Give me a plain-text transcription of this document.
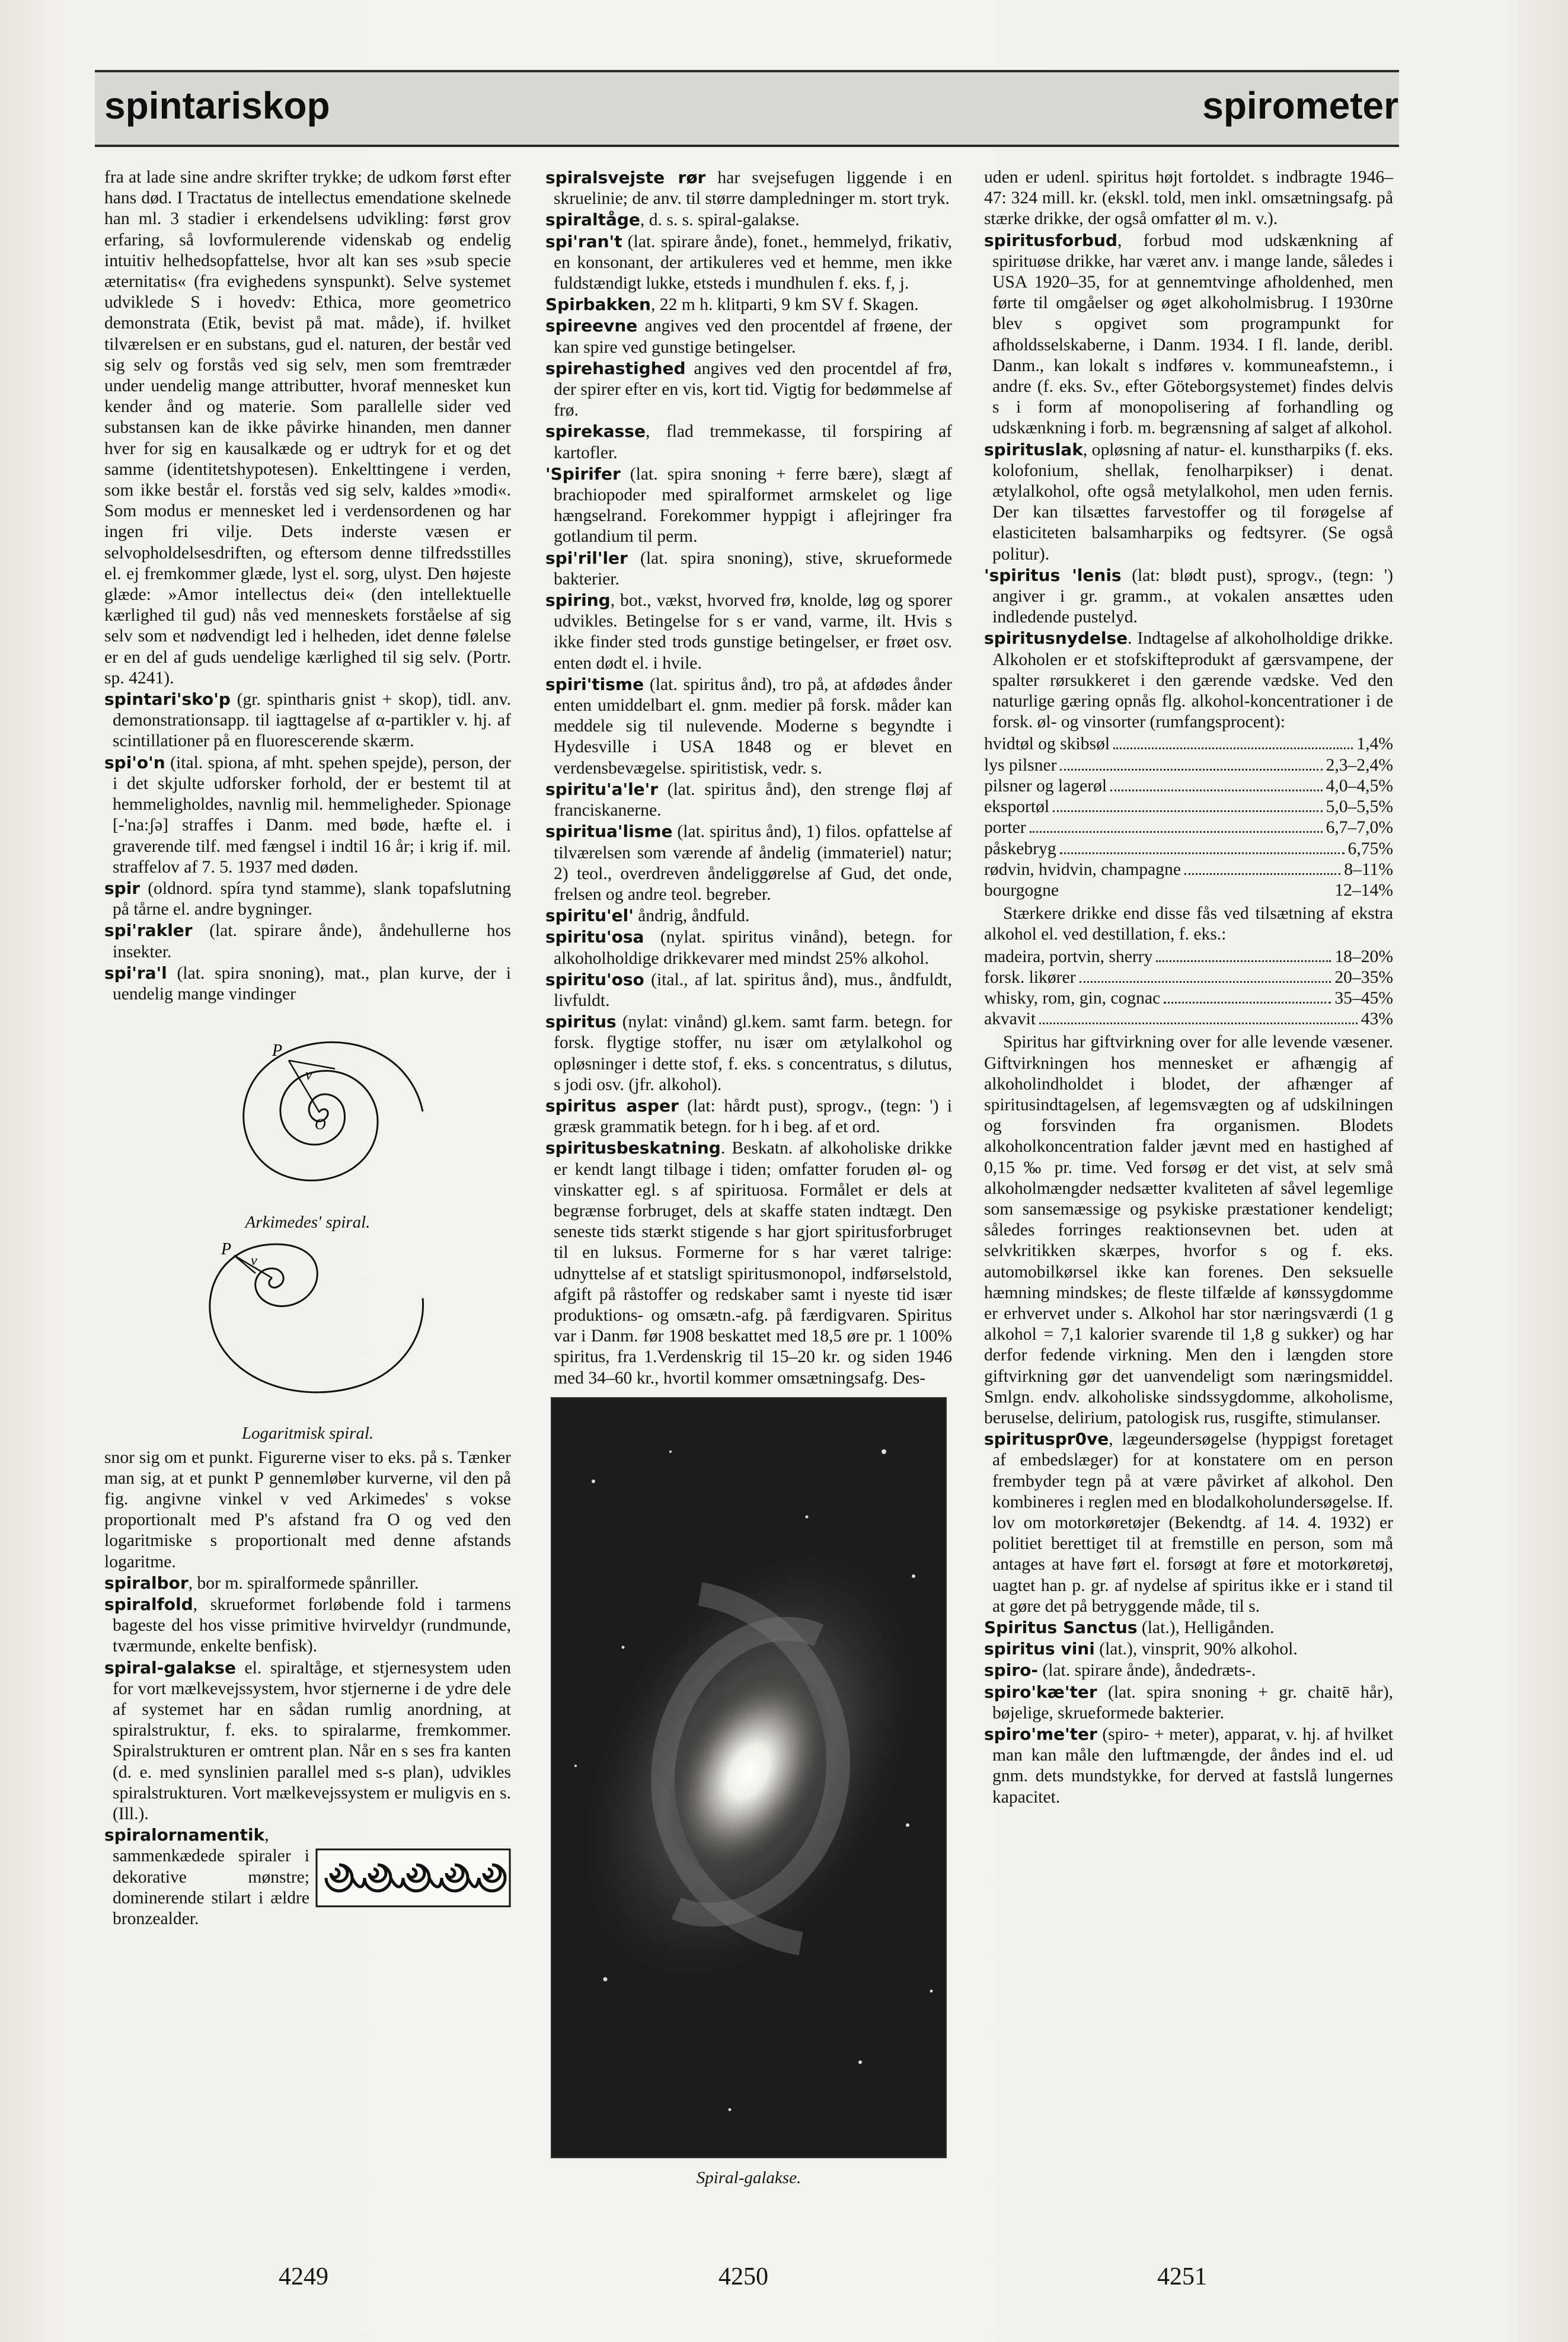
spintariskop	spirometer

fra at lade sine andre skrifter trykke; de udkom først efter hans død. I Tractatus de intellectus emendatione skelnede han ml. 3 stadier i erkendelsens udvikling: først grov erfaring, så lovformulerende videnskab og endelig intuitiv helhedsopfattelse, hvor alt kan ses »sub specie æternitatis« (fra evighedens synspunkt). Selve systemet udviklede S i hovedv: Ethica, more geometrico demonstrata (Etik, bevist på mat. måde), if. hvilket tilværelsen er en substans, gud el. naturen, der består ved sig selv og forstås ved sig selv, men som fremtræder under uendelig mange attributter, hvoraf mennesket kun kender ånd og materie. Som parallelle sider ved substansen kan de ikke påvirke hinanden, men danner hver for sig en kausalkæde og er udtryk for et og det samme (identitetshypotesen). Enkelttingene i verden, som ikke består el. forstås ved sig selv, kaldes »modi«. Som modus er mennesket led i verdensordenen og har ingen fri vilje. Dets inderste væsen er selvopholdelsesdriften, og eftersom denne tilfredsstilles el. ej fremkommer glæde, lyst el. sorg, ulyst. Den højeste glæde: »Amor intellectus dei« (den intellektuelle kærlighed til gud) nås ved menneskets forståelse af sig selv som et nødvendigt led i helheden, idet denne følelse er en del af guds uendelige kærlighed til sig selv. (Portr. sp. 4241).

spintari'sko'p (gr. spintharis gnist + skop), tidl. anv. demonstrationsapp. til iagttagelse af α-partikler v. hj. af scintillationer på en fluorescerende skærm.

spi'o'n (ital. spiona, af mht. spehen spejde), person, der i det skjulte udforsker forhold, der er bestemt til at hemmeligholdes, navnlig mil. hemmeligheder. Spionage [-'na:ʃə] straffes i Danm. med bøde, hæfte el. i graverende tilf. med fængsel i indtil 16 år; i krig if. mil. straffelov af 7. 5. 1937 med døden.

spir (oldnord. spíra tynd stamme), slank topafslutning på tårne el. andre bygninger.

spi'rakler (lat. spirare ånde), åndehullerne hos insekter.

spi'ra'l (lat. spira snoning), mat., plan kurve, der i uendelig mange vindinger

P
v
O
Arkimedes' spiral.
P
v
Logaritmisk spiral.

snor sig om et punkt. Figurerne viser to eks. på s. Tænker man sig, at et punkt P gennemløber kurverne, vil den på fig. angivne vinkel v ved Arkimedes' s vokse proportionalt med P's afstand fra O og ved den logaritmiske s proportionalt med denne afstands logaritme.

spiralbor, bor m. spiralformede spånriller.

spiralfold, skrueformet forløbende fold i tarmens bageste del hos visse primitive hvirveldyr (rundmunde, tværmunde, enkelte benfisk).

spiral-galakse el. spiraltåge, et stjernesystem uden for vort mælkevejssystem, hvor stjernerne i de ydre dele af systemet har en sådan rumlig anordning, at spiralstruktur, f. eks. to spiralarme, fremkommer. Spiralstrukturen er omtrent plan. Når en s ses fra kanten (d. e. med synslinien parallel med s-s plan), udvikles spiralstrukturen. Vort mælkevejssystem er muligvis en s. (Ill.).

spiralornamentik, sammenkædede spiraler i dekorative mønstre; dominerende stilart i ældre bronzealder.

spiralsvejste rør har svejsefugen liggende i en skruelinie; de anv. til større dampledninger m. stort tryk.

spiraltåge, d. s. s. spiral-galakse.

spi'ran't (lat. spirare ånde), fonet., hemmelyd, frikativ, en konsonant, der artikuleres ved et hemme, men ikke fuldstændigt lukke, etsteds i mundhulen f. eks. f, j.

Spirbakken, 22 m h. klitparti, 9 km SV f. Skagen.

spireevne angives ved den procentdel af frøene, der kan spire ved gunstige betingelser.

spirehastighed angives ved den procentdel af frø, der spirer efter en vis, kort tid. Vigtig for bedømmelse af frø.

spirekasse, flad tremmekasse, til forspiring af kartofler.

'Spirifer (lat. spira snoning + ferre bære), slægt af brachiopoder med spiralformet armskelet og lige hængselrand. Forekommer hyppigt i aflejringer fra gotlandium til perm.

spi'ril'ler (lat. spira snoning), stive, skrueformede bakterier.

spiring, bot., vækst, hvorved frø, knolde, løg og sporer udvikles. Betingelse for s er vand, varme, ilt. Hvis s ikke finder sted trods gunstige betingelser, er frøet osv. enten dødt el. i hvile.

spiri'tisme (lat. spiritus ånd), tro på, at afdødes ånder enten umiddelbart el. gnm. medier på forsk. måder kan meddele sig til nulevende. Moderne s begyndte i Hydesville i USA 1848 og er blevet en verdensbevægelse. spiritistisk, vedr. s.

spiritu'a'le'r (lat. spiritus ånd), den strenge fløj af franciskanerne.

spiritua'lisme (lat. spiritus ånd), 1) filos. opfattelse af tilværelsen som værende af åndelig (immateriel) natur; 2) teol., overdreven åndeliggørelse af Gud, det onde, frelsen og andre teol. begreber.

spiritu'el' åndrig, åndfuld.

spiritu'osa (nylat. spiritus vinånd), betegn. for alkoholholdige drikkevarer med mindst 25% alkohol.

spiritu'oso (ital., af lat. spiritus ånd), mus., åndfuldt, livfuldt.

spiritus (nylat: vinånd) gl.kem. samt farm. betegn. for forsk. flygtige stoffer, nu især om ætylalkohol og opløsninger i dette stof, f. eks. s concentratus, s dilutus, s jodi osv. (jfr. alkohol).

spiritus asper (lat: hårdt pust), sprogv., (tegn: ') i græsk grammatik betegn. for h i beg. af et ord.

spiritusbeskatning. Beskatn. af alkoholiske drikke er kendt langt tilbage i tiden; omfatter foruden øl- og vinskatter egl. s af spirituosa. Formålet er dels at begrænse forbruget, dels at skaffe staten indtægt. Den seneste tids stærkt stigende s har gjort spiritusforbruget til en luksus. Formerne for s har været talrige: udnyttelse af et statsligt spiritusmonopol, indførselstold, afgift på råstoffer og redskaber samt i nyeste tid især produktions- og omsætn.-afg. på færdigvaren. Spiritus var i Danm. før 1908 beskattet med 18,5 øre pr. 1 100% spiritus, fra 1.Verdenskrig til 15–20 kr. og siden 1946 med 34–60 kr., hvortil kommer omsætningsafg. Des-

Spiral-galakse.

uden er udenl. spiritus højt fortoldet. s indbragte 1946–47: 324 mill. kr. (ekskl. told, men inkl. omsætningsafg. på stærke drikke, der også omfatter øl m. v.).

spiritusforbud, forbud mod udskænkning af spirituøse drikke, har været anv. i mange lande, således i USA 1920–35, for at gennemtvinge afholdenhed, men førte til omgåelser og øget alkoholmisbrug. I 1930rne blev s opgivet som programpunkt for afholdsselskaberne, i Danm. 1934. I fl. lande, deribl. Danm., kan lokalt s indføres v. kommuneafstemn., i andre (f. eks. Sv., efter Göteborgsystemet) findes delvis s i form af monopolisering af forhandling og udskænkning i forb. m. begrænsning af salget af alkohol.

spirituslak, opløsning af natur- el. kunstharpiks (f. eks. kolofonium, shellak, fenolharpikser) i denat. ætylalkohol, ofte også metylalkohol, men uden fernis. Der kan tilsættes farvestoffer og til forøgelse af elasticiteten balsamharpiks og fedtsyrer. (Se også politur).

'spiritus 'lenis (lat: blødt pust), sprogv., (tegn: ') angiver i gr. gramm., at vokalen ansættes uden indledende pustelyd.

spiritusnydelse. Indtagelse af alkoholholdige drikke. Alkoholen er et stofskifteprodukt af gærsvampene, der spalter rørsukkeret i den gærende vædske. Ved den naturlige gæring opnås flg. alkohol-koncentrationer i de forsk. øl- og vinsorter (rumfangsprocent):

hvidtøl og skibsøl	1,4%
lys pilsner	2,3–2,4%
pilsner og lagerøl	4,0–4,5%
eksportøl	5,0–5,5%
porter	6,7–7,0%
påskebryg	6,75%
rødvin, hvidvin, champagne	8–11%
bourgogne	12–14%

Stærkere drikke end disse fås ved tilsætning af ekstra alkohol el. ved destillation, f. eks.:

madeira, portvin, sherry	18–20%
forsk. likører	20–35%
whisky, rom, gin, cognac	35–45%
akvavit	43%

Spiritus har giftvirkning over for alle levende væsener. Giftvirkningen hos mennesket er afhængig af alkoholindholdet i blodet, der afhænger af spiritusindtagelsen, af legemsvægten og af udskilningen og forsvinden fra organismen. Blodets alkoholkoncentration falder jævnt med en hastighed af 0,15 ‰ pr. time. Ved forsøg er det vist, at selv små alkoholmængder nedsætter kvaliteten af såvel legemlige som sansemæssige og psykiske præstationer kendeligt; således forringes reaktionsevnen bet. uden at selvkritikken skærpes, hvorfor s og f. eks. automobilkørsel ikke kan forenes. Den seksuelle hæmning mindskes; de fleste tilfælde af kønssygdomme er erhvervet under s. Alkohol har stor næringsværdi (1 g alkohol = 7,1 kalorier svarende til 1,8 g sukker) og har derfor fedende virkning. Men den i længden store giftvirkning gør det uanvendeligt som næringsmiddel. Smlgn. endv. alkoholiske sindssygdomme, alkoholisme, beruselse, delirium, patologisk rus, rusgifte, stimulanser.

spirituspr0ve, lægeundersøgelse (hyppigst foretaget af embedslæger) for at konstatere om en person frembyder tegn på at være påvirket af alkohol. Den kombineres i reglen med en blodalkoholundersøgelse. If. lov om motorkøretøjer (Bekendtg. af 14. 4. 1932) er politiet berettiget til at fremstille en person, som må antages at have ført el. forsøgt at føre et motorkøretøj, uagtet han p. gr. af nydelse af spiritus ikke er i stand til at gøre det på betryggende måde, til s.

Spiritus Sanctus (lat.), Helligånden.

spiritus vini (lat.), vinsprit, 90% alkohol.

spiro- (lat. spirare ånde), åndedræts-.

spiro'kæ'ter (lat. spira snoning + gr. chaitē hår), bøjelige, skrueformede bakterier.

spiro'me'ter (spiro- + meter), apparat, v. hj. af hvilket man kan måle den luftmængde, der åndes ind el. ud gnm. dets mundstykke, for derved at fastslå lungernes kapacitet.

4249	4250	4251
